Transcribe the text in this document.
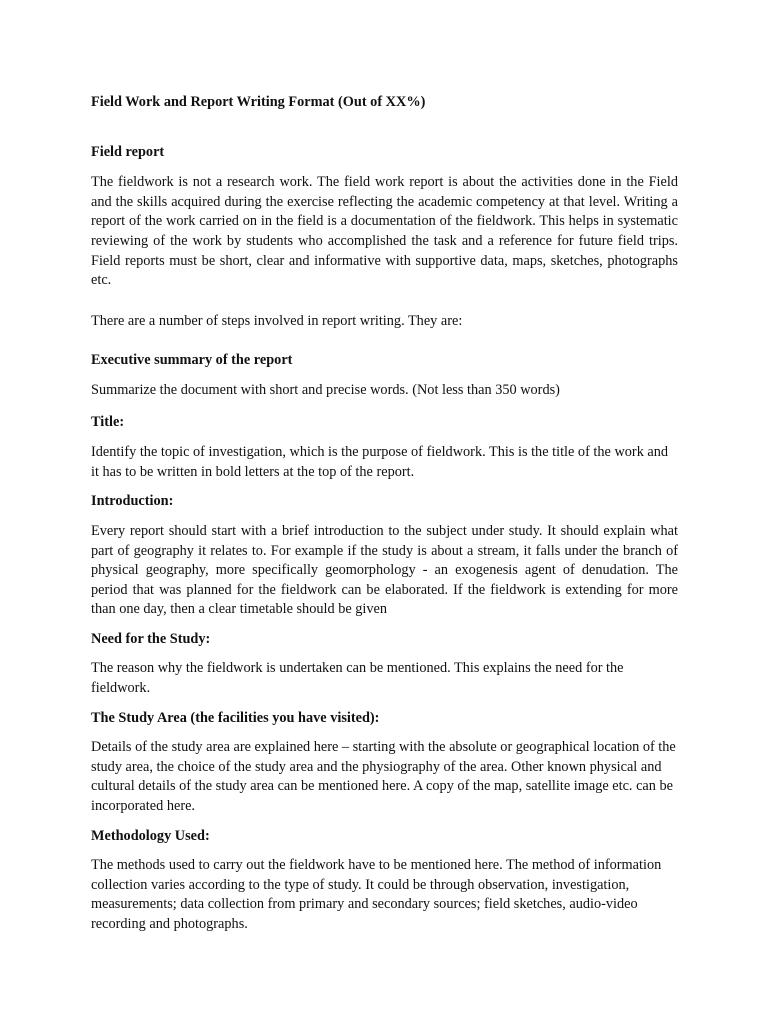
Field Work and Report Writing Format (Out of XX%)

Field report

The fieldwork is not a research work. The field work report is about the activities done in the Field and the skills acquired during the exercise reflecting the academic competency at that level. Writing a report of the work carried on in the field is a documentation of the fieldwork. This helps in systematic reviewing of the work by students who accomplished the task and a reference for future field trips. Field reports must be short, clear and informative with supportive data, maps, sketches, photographs etc.

There are a number of steps involved in report writing. They are:

Executive summary of the report

Summarize the document with short and precise words. (Not less than 350 words)

Title:

Identify the topic of investigation, which is the purpose of fieldwork. This is the title of the work and it has to be written in bold letters at the top of the report.

Introduction:

Every report should start with a brief introduction to the subject under study. It should explain what part of geography it relates to. For example if the study is about a stream, it falls under the branch of physical geography, more specifically geomorphology - an exogenesis agent of denudation. The period that was planned for the fieldwork can be elaborated. If the fieldwork is extending for more than one day, then a clear timetable should be given

Need for the Study:

The reason why the fieldwork is undertaken can be mentioned. This explains the need for the fieldwork.

The Study Area (the facilities you have visited):

Details of the study area are explained here – starting with the absolute or geographical location of the study area, the choice of the study area and the physiography of the area. Other known physical and cultural details of the study area can be mentioned here. A copy of the map, satellite image etc. can be incorporated here.

Methodology Used:

The methods used to carry out the fieldwork have to be mentioned here. The method of information collection varies according to the type of study. It could be through observation, investigation, measurements; data collection from primary and secondary sources; field sketches, audio-video recording and photographs.
